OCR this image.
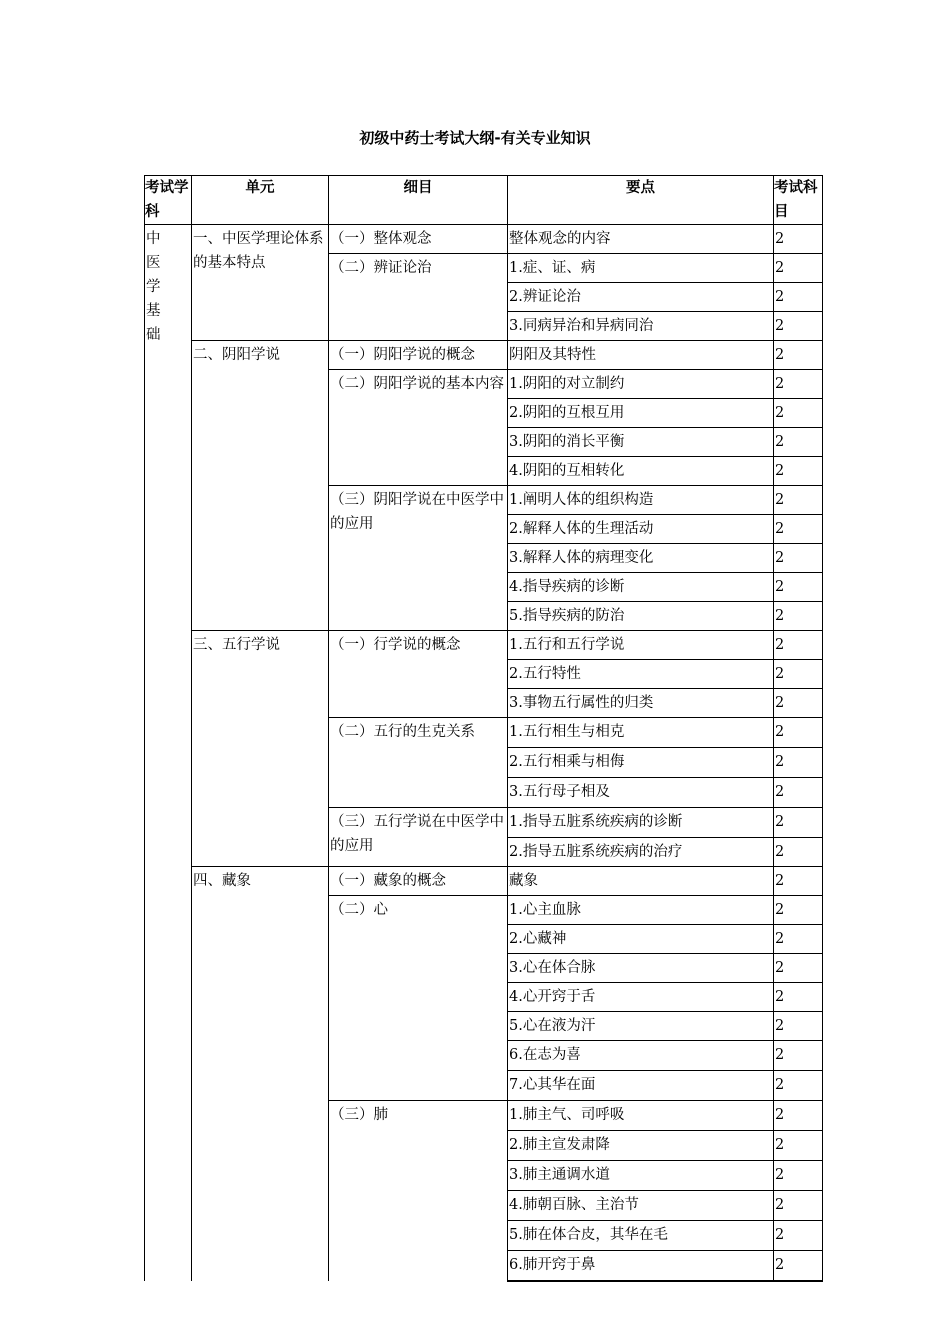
初级中药士考试大纲-有关专业知识
考试学科	单元	细目	要点	考试科目

中医学基础	一、中医学理论体系的基本特点	（一）整体观念	整体观念的内容	2
		（二）辨证论治	1.症、证、病	2
			2.辨证论治	2
			3.同病异治和异病同治	2
	二、阴阳学说	（一）阴阳学说的概念	阴阳及其特性	2
		（二）阴阳学说的基本内容	1.阴阳的对立制约	2
			2.阴阳的互根互用	2
			3.阴阳的消长平衡	2
			4.阴阳的互相转化	2
		（三）阴阳学说在中医学中的应用	1.阐明人体的组织构造	2
			2.解释人体的生理活动	2
			3.解释人体的病理变化	2
			4.指导疾病的诊断	2
			5.指导疾病的防治	2
	三、五行学说	（一）行学说的概念	1.五行和五行学说	2
			2.五行特性	2
			3.事物五行属性的归类	2
		（二）五行的生克关系	1.五行相生与相克	2
			2.五行相乘与相侮	2
			3.五行母子相及	2
		（三）五行学说在中医学中的应用	1.指导五脏系统疾病的诊断	2
			2.指导五脏系统疾病的治疗	2
	四、藏象	（一）藏象的概念	藏象	2
		（二）心	1.心主血脉	2
			2.心藏神	2
			3.心在体合脉	2
			4.心开窍于舌	2
			5.心在液为汗	2
			6.在志为喜	2
			7.心其华在面	2
		（三）肺	1.肺主气、司呼吸	2
			2.肺主宣发肃降	2
			3.肺主通调水道	2
			4.肺朝百脉、主治节	2
			5.肺在体合皮，其华在毛	2
			6.肺开窍于鼻	2
